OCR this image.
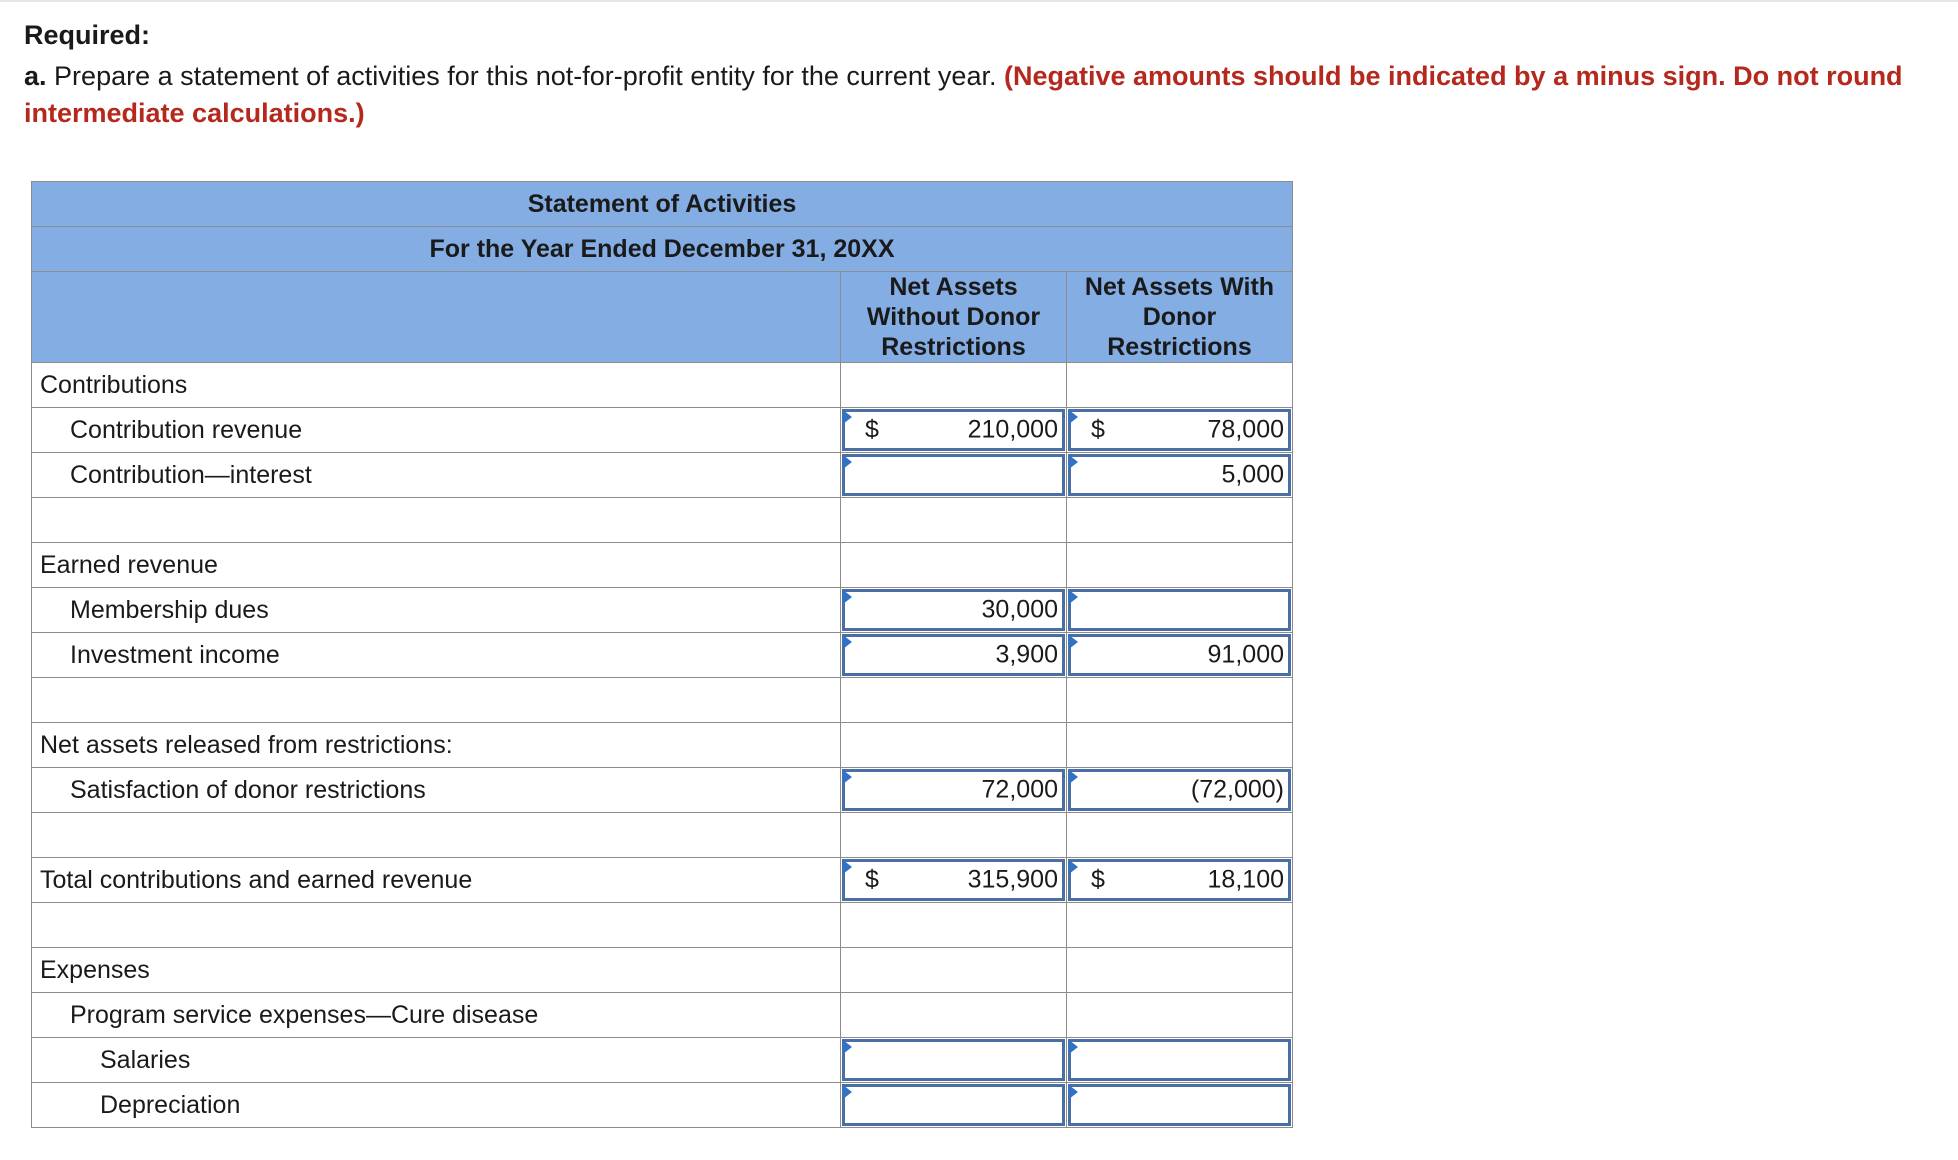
Required:
a. Prepare a statement of activities for this not-for-profit entity for the current year. (Negative amounts should be indicated by a minus sign. Do not round intermediate calculations.)
Statement of Activities		
For the Year Ended December 31, 20XX		
	Net Assets Without Donor Restrictions	Net Assets With Donor Restrictions
Contributions		
Contribution revenue	$ 210,000	$ 78,000

Contribution—interest		5,000

Earned revenue		
Membership dues	30,000	

Investment income	3,900	91,000

Net assets released from restrictions:		
Satisfaction of donor restrictions	72,000	(72,000)

Total contributions and earned revenue	$ 315,900	$ 18,100

Expenses		
Program service expenses—Cure disease		
Salaries	

Depreciation	
